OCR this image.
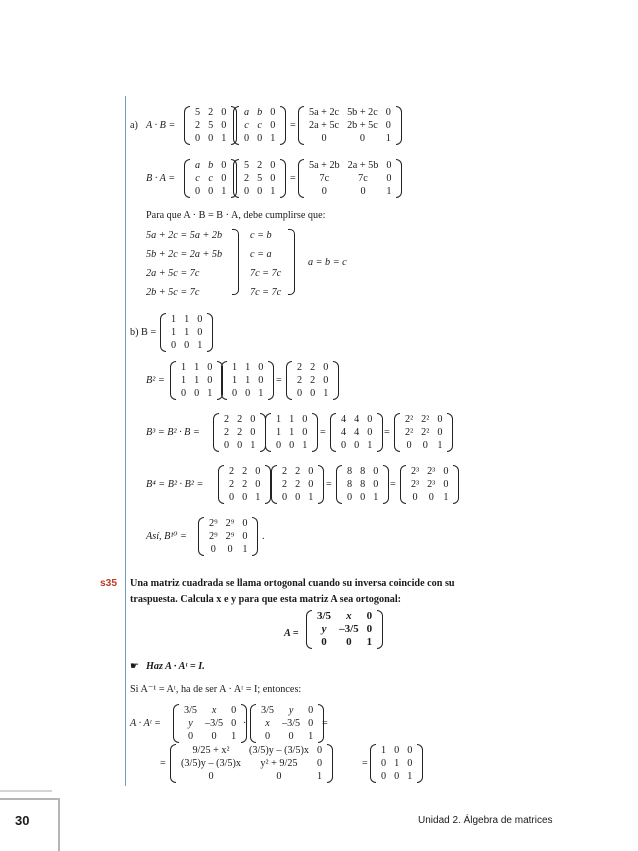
a) A · B =
5	2	0
2	5	0
0	0	1
a	b	0
c	c	0
0	0	1
=
5a + 2c	5b + 2c	0
2a + 5c	2b + 5c	0
0	0	1
B · A =
a	b	0
c	c	0
0	0	1
5	2	0
2	5	0
0	0	1
=
5a + 2b	2a + 5b	0
7c	7c	0
0	0	1
Para que A · B = B · A, debe cumplirse que:
5a + 2c = 5a + 2b
5b + 2c = 2a + 5b
2a + 5c = 7c
2b + 5c = 7c
c = b
c = a
7c = 7c
7c = 7c
a = b = c
b) B =
1	1	0
1	1	0
0	0	1
B² =
1	1	0
1	1	0
0	0	1
1	1	0
1	1	0
0	0	1
=
2	2	0
2	2	0
0	0	1
B³ = B² · B =
2	2	0
2	2	0
0	0	1
1	1	0
1	1	0
0	0	1
=
4	4	0
4	4	0
0	0	1
=
2²	2²	0
2²	2²	0
0	0	1
B⁴ = B² · B² =
2	2	0
2	2	0
0	0	1
2	2	0
2	2	0
0	0	1
=
8	8	0
8	8	0
0	0	1
=
2³	2³	0
2³	2³	0
0	0	1
Así, B¹⁰ =
2⁹	2⁹	0
2⁹	2⁹	0
0	0	1
.
s35 Una matriz cuadrada se llama ortogonal cuando su inversa coincide con su
traspuesta. Calcula x e y para que esta matriz A sea ortogonal:
A =
3/5	x	0
y	–3/5	0
0	0	1
☛ Haz A · Aᵗ = I.
Si A⁻¹ = Aᵗ, ha de ser A · Aᵗ = I; entonces:
A · Aᵗ =
3/5	x	0
y	–3/5	0
0	0	1
·
3/5	y	0
x	–3/5	0
0	0	1
=
=
9/25 + x²	(3/5)y – (3/5)x	0
(3/5)y – (3/5)x	y² + 9/25	0
0	0	1
=
1	0	0
0	1	0
0	0	1
30	Unidad 2. Álgebra de matrices
